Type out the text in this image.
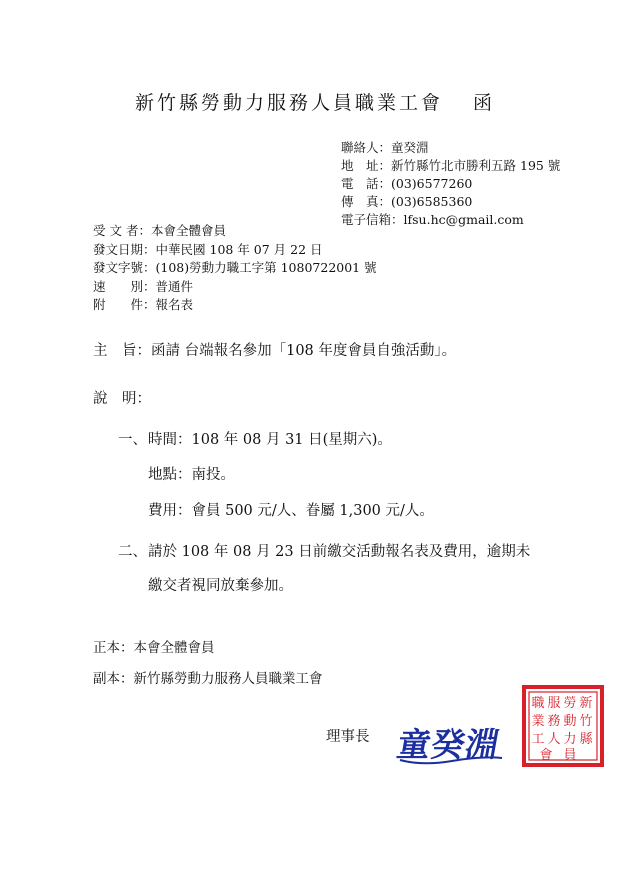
新竹縣勞動力服務人員職業工會 函
聯絡人：童癸淵
地　址：新竹縣竹北市勝利五路 195 號
電　話：(03)6577260
傳　真：(03)6585360
電子信箱：lfsu.hc@gmail.com
受 文 者：本會全體會員
發文日期：中華民國 108 年 07 月 22 日
發文字號：(108)勞動力職工字第 1080722001 號
速　　別：普通件
附　　件：報名表
主　旨：函請 台端報名參加「108 年度會員自強活動」。
說　明：
一、 時間：108 年 08 月 31 日(星期六)。
地點：南投。
費用：會員 500 元/人、眷屬 1,300 元/人。
二、 請於 108 年 08 月 23 日前繳交活動報名表及費用，逾期未
繳交者視同放棄參加。
正本：本會全體會員
副本：新竹縣勞動力服務人員職業工會
理事長 童癸淵
新
竹
縣
勞
動
力
服
務
人
職
業
工
會 員
